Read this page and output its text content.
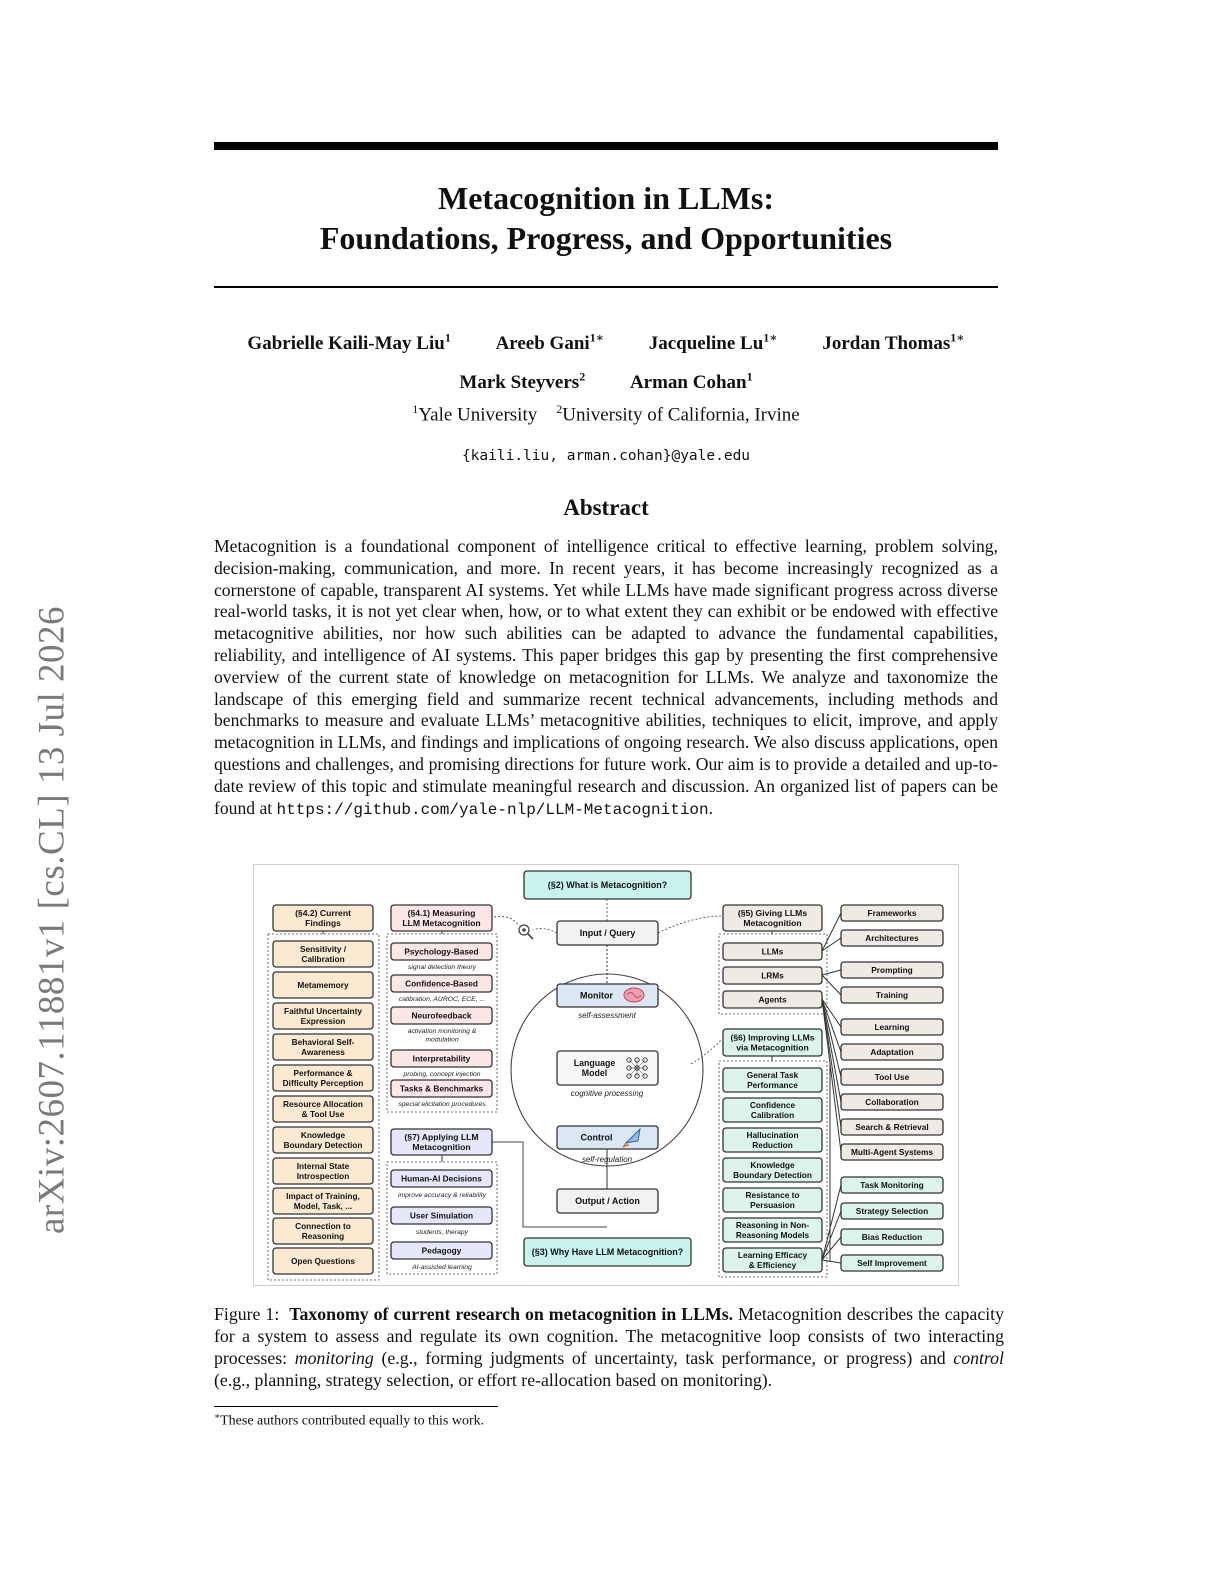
arXiv:2607.11881v1 [cs.CL] 13 Jul 2026
Metacognition in LLMs:
Foundations, Progress, and Opportunities
Gabrielle Kaili-May Liu$^1$ Areeb Gani$^{1∗}$ Jacqueline $Lu^{1∗}$ Jordan Thomas$^{1∗}$
Mark Steyvers$^2$ Arman Cohan$^1$
$^1$Yale University $^2$University of California, Irvine
{kaili.liu, arman.cohan}@yale.edu
Abstract
Metacognition is a foundational component of intelligence critical to effective learning, problem solving, decision-making, communication, and more. In recent years, it has become increasingly recognized as a cornerstone of capable, transparent AI systems. Yet while LLMs have made significant progress across diverse real-world tasks, it is not yet clear when, how, or to what extent they can exhibit or be endowed with effective metacognitive abilities, nor how such abilities can be adapted to advance the fundamental capabilities, reliability, and intelligence of AI systems. This paper bridges this gap by presenting the first comprehensive overview of the current state of knowledge on metacognition for LLMs. We analyze and taxonomize the landscape of this emerging field and summarize recent technical advancements, including methods and benchmarks to measure and evaluate LLMs’ metacognitive abilities, techniques to elicit, improve, and apply metacognition in LLMs, and findings and implications of ongoing research. We also discuss applications, open questions and challenges, and promising directions for future work. Our aim is to provide a detailed and up-to-date review of this topic and stimulate meaningful research and discussion. An organized list of papers can be found at https://github.com/yale-nlp/LLM-Metacognition.
(§2) What is Metacognition?
(§3) Why Have LLM Metacognition?
(§4.2) Current
Findings
Sensitivity /
Calibration
Metamemory
Faithful Uncertainty
Expression
Behavioral Self-
Awareness
Performance &
Difficulty Perception
Resource Allocation
& Tool Use
Knowledge
Boundary Detection
Internal State
Introspection
Impact of Training,
Model, Task, ...
Connection to
Reasoning
Open Questions
(§4.1) Measuring
LLM Metacognition
Psychology-Based
signal detection theory
Confidence-Based
calibration, AUROC, ECE, ...
Neurofeedback
activation monitoring &
modulation
Interpretability
probing, concept injection
Tasks & Benchmarks
special elicitation procedures
(§7) Applying LLM
Metacognition
Human-AI Decisions
improve accuracy & reliability
User Simulation
students, therapy
Pedagogy
AI-assisted learning
Input / Query
Output / Action
Monitor
self-assessment
Language
Model
cognitive processing
Control
self-regulation
(§5) Giving LLMs
Metacognition
LLMs
LRMs
Agents
(§6) Improving LLMs
via Metacognition
General Task
Performance
Confidence
Calibration
Hallucination
Reduction
Knowledge
Boundary Detection
Resistance to
Persuasion
Reasoning in Non-
Reasoning Models
Learning Efficacy
& Efficiency
Frameworks
Architectures
Prompting
Training
Learning
Adaptation
Tool Use
Collaboration
Search & Retrieval
Multi-Agent Systems
Task Monitoring
Strategy Selection
Bias Reduction
Self Improvement
Figure 1: Taxonomy of current research on metacognition in LLMs. Metacognition describes the capacity for a system to assess and regulate its own cognition. The metacognitive loop consists of two interacting processes: monitoring (e.g., forming judgments of uncertainty, task performance, or progress) and control (e.g., planning, strategy selection, or effort re-allocation based on monitoring).
∗These authors contributed equally to this work.
